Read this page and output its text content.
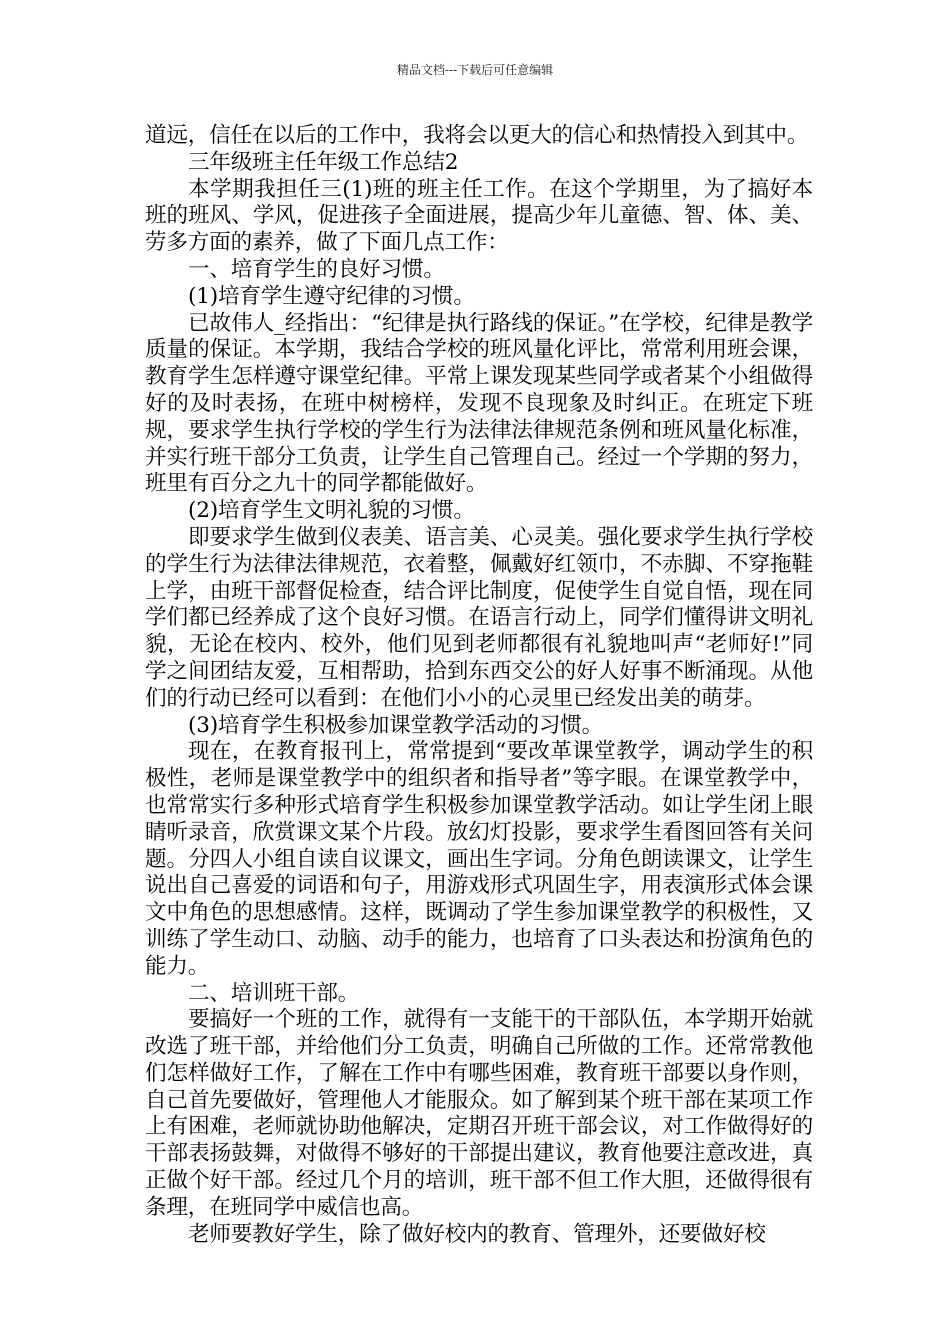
精品文档---下载后可任意编辑

道远，信任在以后的工作中，我将会以更大的信心和热情投入到其中。

三年级班主任年级工作总结2

本学期我担任三(1)班的班主任工作。在这个学期里，为了搞好本班的班风、学风，促进孩子全面进展，提高少年儿童德、智、体、美、劳多方面的素养，做了下面几点工作：

一、培育学生的良好习惯。

(1)培育学生遵守纪律的习惯。

已故伟人_经指出：“纪律是执行路线的保证。”在学校，纪律是教学质量的保证。本学期，我结合学校的班风量化评比，常常利用班会课，教育学生怎样遵守课堂纪律。平常上课发现某些同学或者某个小组做得好的及时表扬，在班中树榜样，发现不良现象及时纠正。在班定下班规，要求学生执行学校的学生行为法律法律规范条例和班风量化标准，并实行班干部分工负责，让学生自己管理自己。经过一个学期的努力，班里有百分之九十的同学都能做好。

(2)培育学生文明礼貌的习惯。

即要求学生做到仪表美、语言美、心灵美。强化要求学生执行学校的学生行为法律法律规范，衣着整，佩戴好红领巾，不赤脚、不穿拖鞋上学，由班干部督促检查，结合评比制度，促使学生自觉自悟，现在同学们都已经养成了这个良好习惯。在语言行动上，同学们懂得讲文明礼貌，无论在校内、校外，他们见到老师都很有礼貌地叫声“老师好!”同学之间团结友爱，互相帮助，拾到东西交公的好人好事不断涌现。从他们的行动已经可以看到：在他们小小的心灵里已经发出美的萌芽。

(3)培育学生积极参加课堂教学活动的习惯。

现在，在教育报刊上，常常提到“要改革课堂教学，调动学生的积极性，老师是课堂教学中的组织者和指导者”等字眼。在课堂教学中，也常常实行多种形式培育学生积极参加课堂教学活动。如让学生闭上眼睛听录音，欣赏课文某个片段。放幻灯投影，要求学生看图回答有关问题。分四人小组自读自议课文，画出生字词。分角色朗读课文，让学生说出自己喜爱的词语和句子，用游戏形式巩固生字，用表演形式体会课文中角色的思想感情。这样，既调动了学生参加课堂教学的积极性，又训练了学生动口、动脑、动手的能力，也培育了口头表达和扮演角色的能力。

二、培训班干部。

要搞好一个班的工作，就得有一支能干的干部队伍，本学期开始就改选了班干部，并给他们分工负责，明确自己所做的工作。还常常教他们怎样做好工作，了解在工作中有哪些困难，教育班干部要以身作则，自己首先要做好，管理他人才能服众。如了解到某个班干部在某项工作上有困难，老师就协助他解决，定期召开班干部会议，对工作做得好的干部表扬鼓舞，对做得不够好的干部提出建议，教育他要注意改进，真正做个好干部。经过几个月的培训，班干部不但工作大胆，还做得很有条理，在班同学中威信也高。

老师要教好学生，除了做好校内的教育、管理外，还要做好校
